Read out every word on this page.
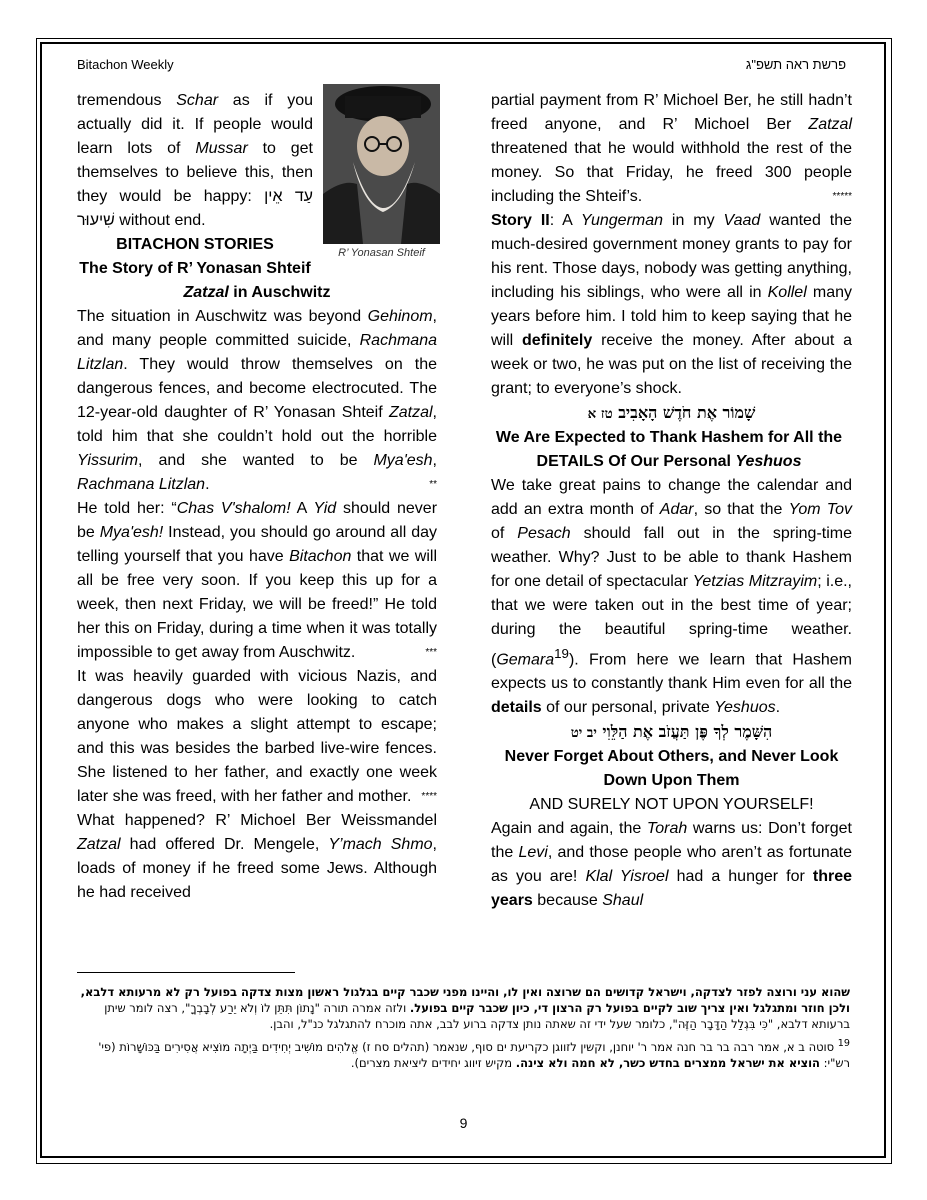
Bitachon Weekly	פרשת ראה תשפ"ג
R’ Yonasan Shteif

tremendous Schar as if you actually did it. If people would learn lots of Mussar to get themselves to believe this, then they would be happy: עַד אֵין שִׁיעוּר without end.

BITACHON STORIES

The Story of R’ Yonasan Shteif Zatzal in Auschwitz

The situation in Auschwitz was beyond Gehinom, and many people committed suicide, Rachmana Litzlan. They would throw themselves on the dangerous fences, and become electrocuted. The 12-year-old daughter of R’ Yonasan Shteif Zatzal, told him that she couldn’t hold out the horrible Yissurim, and she wanted to be Mya'esh, Rachmana Litzlan.	**

He told her: “Chas V'shalom! A Yid should never be Mya'esh! Instead, you should go around all day telling yourself that you have Bitachon that we will all be free very soon. If you keep this up for a week, then next Friday, we will be freed!” He told her this on Friday, during a time when it was totally impossible to get away from Auschwitz.	***

It was heavily guarded with vicious Nazis, and dangerous dogs who were looking to catch anyone who makes a slight attempt to escape; and this was besides the barbed live-wire fences. She listened to her father, and exactly one week later she was freed, with her father and mother. ****

What happened? R’ Michoel Ber Weissmandel Zatzal had offered Dr. Mengele, Y’mach Shmo, loads of money if he freed some Jews. Although he had received

partial payment from R’ Michoel Ber, he still hadn’t freed anyone, and R’ Michoel Ber Zatzal threatened that he would withhold the rest of the money. So that Friday, he freed 300 people including the Shteif’s.	*****

Story II: A Yungerman in my Vaad wanted the much-desired government money grants to pay for his rent. Those days, nobody was getting anything, including his siblings, who were all in Kollel many years before him. I told him to keep saying that he will definitely receive the money. After about a week or two, he was put on the list of receiving the grant; to everyone’s shock.

שָׁמוֹר אֶת חֹדֶשׁ הָאָבִיב טז א

We Are Expected to Thank Hashem for All the DETAILS Of Our Personal Yeshuos

We take great pains to change the calendar and add an extra month of Adar, so that the Yom Tov of Pesach should fall out in the spring-time weather. Why? Just to be able to thank Hashem for one detail of spectacular Yetzias Mitzrayim; i.e., that we were taken out in the best time of year; during the beautiful spring-time weather. (Gemara$^{19}$). From here we learn that Hashem expects us to constantly thank Him even for all the details of our personal, private Yeshuos.

הִשָּׁמֶר לְךָ פֶּן תַּעֲזֹב אֶת הַלֵּוִי יב יט

Never Forget About Others, and Never Look Down Upon Them

AND SURELY NOT UPON YOURSELF!

Again and again, the Torah warns us: Don’t forget the Levi, and those people who aren’t as fortunate as you are! Klal Yisroel had a hunger for three years because Shaul

שהוא עני ורוצה לפזר לצדקה, וישראל קדושים הם שרוצה ואין לו, והיינו מפני שכבר קיים בגלגול ראשון מצות צדקה בפועל רק לא מרעותא דלבא, ולכן חוזר ומתגלגל ואין צריך שוב לקיים בפועל רק הרצון די, כיון שכבר קיים בפועל. ולזה אמרה תורה "נָתוֹן תִּתֵּן לוֹ וְלֹא יֵרַע לְבָבְךָ", רצה לומר שיתן ברעותא דלבא, "כִּי בִּגְלַל הַדָּבָר הַזֶּה", כלומר שעל ידי זה שאתה נותן צדקה ברוע לבב, אתה מוכרח להתגלגל כנ"ל, והבן.

$^{19}$ סוטה ב א, אמר רבה בר בר חנה אמר ר' יוחנן, וקשין לזווגן כקריעת ים סוף, שנאמר (תהלים סח ז) אֱלֹהִים מוֹשִׁיב יְחִידִים בַּיְתָה מוֹצִיא אֲסִירִים בַּכּוֹשָׁרוֹת (פי' רש"י: הוציא את ישראל ממצרים בחדש כשר, לא חמה ולא צינה. מקיש זיווג יחידים ליציאת מצרים).

9
